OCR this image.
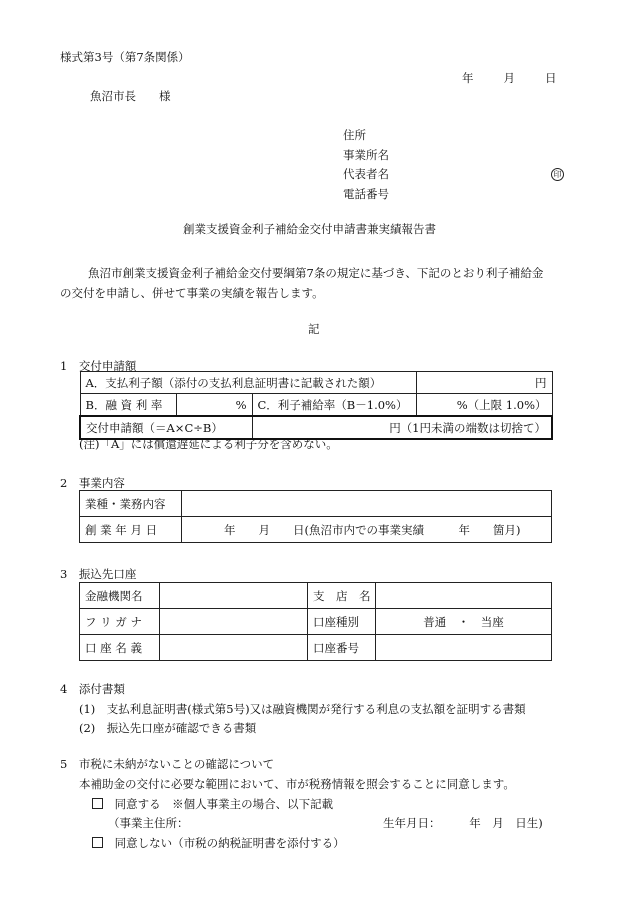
様式第3号（第7条関係）
年	月	日
魚沼市長　　様
住所
事業所名
代表者名	印
電話番号
創業支援資金利子補給金交付申請書兼実績報告書
魚沼市創業支援資金利子補給金交付要綱第7条の規定に基づき、下記のとおり利子補給金
の交付を申請し、併せて事業の実績を報告します。
記
1　交付申請額
A．支払利子額（添付の支払利息証明書に記載された額）			円
B．融 資 利 率	%	C．利子補給率（B－1.0%）	%（上限 1.0%）
交付申請額（＝A×C÷B）		円（1円未満の端数は切捨て）	
(注)「A」には償還遅延による利子分を含めない。
2　事業内容
業種・業務内容	
創 業 年 月 日	年　　月　　日(魚沼市内での事業実績　　　年　　箇月)
3　振込先口座
金融機関名		支　店　名	
フ リ ガ ナ		口座種別	普通　・　当座
口 座 名 義		口座番号	
4　添付書類
(1)　支払利息証明書(様式第5号)又は融資機関が発行する利息の支払額を証明する書類
(2)　振込先口座が確認できる書類
5　市税に未納がないことの確認について
本補助金の交付に必要な範囲において、市が税務情報を照会することに同意します。
同意する　※個人事業主の場合、以下記載
（事業主住所：	生年月日：　　　年　月　日生)
同意しない（市税の納税証明書を添付する）
